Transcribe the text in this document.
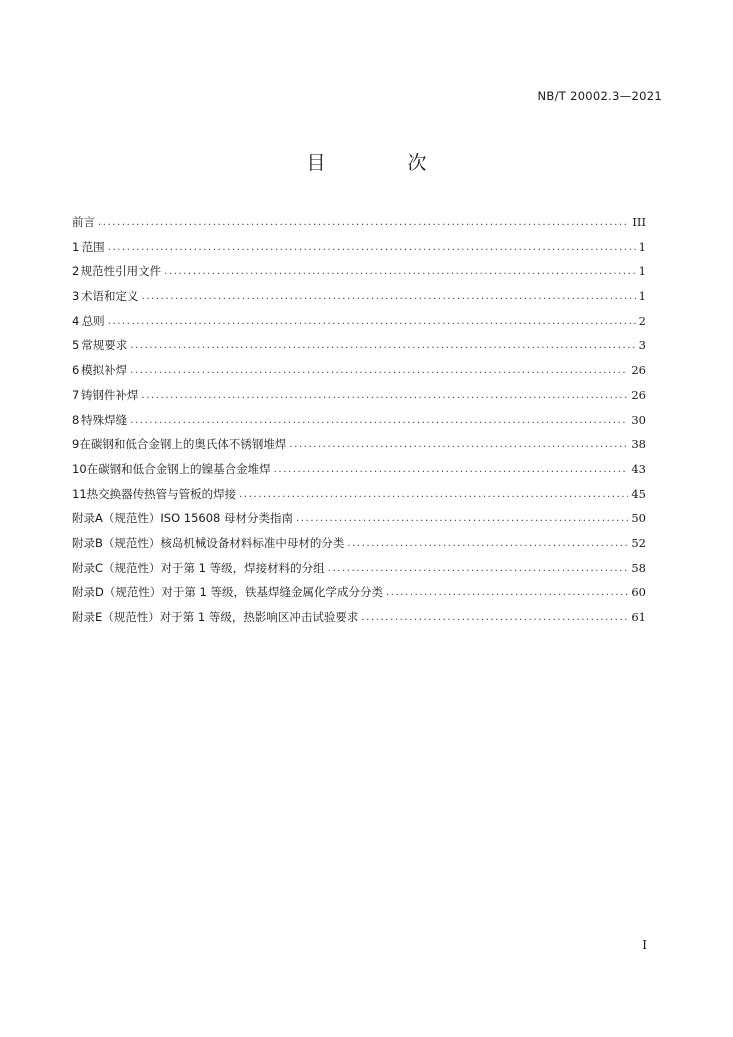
NB/T 20002.3—2021
目 次
前言 .....	III
1 范围 .....	1
2 规范性引用文件 .....	1
3 术语和定义 .....	1
4 总则 .....	2
5 常规要求 .....	3
6 模拟补焊 .....	26
7 铸钢件补焊 .....	26
8 特殊焊缝 .....	30
9 在碳钢和低合金钢上的奥氏体不锈钢堆焊 .....	38
10 在碳钢和低合金钢上的镍基合金堆焊 .....	43
11 热交换器传热管与管板的焊接 .....	45
附录A（规范性） ISO 15608 母材分类指南 .....	50
附录B（规范性） 核岛机械设备材料标准中母材的分类 .....	52
附录C（规范性） 对于第 1 等级，焊接材料的分组 .....	58
附录D（规范性） 对于第 1 等级，铁基焊缝金属化学成分分类 .....	60
附录E（规范性） 对于第 1 等级，热影响区冲击试验要求 .....	61
I
